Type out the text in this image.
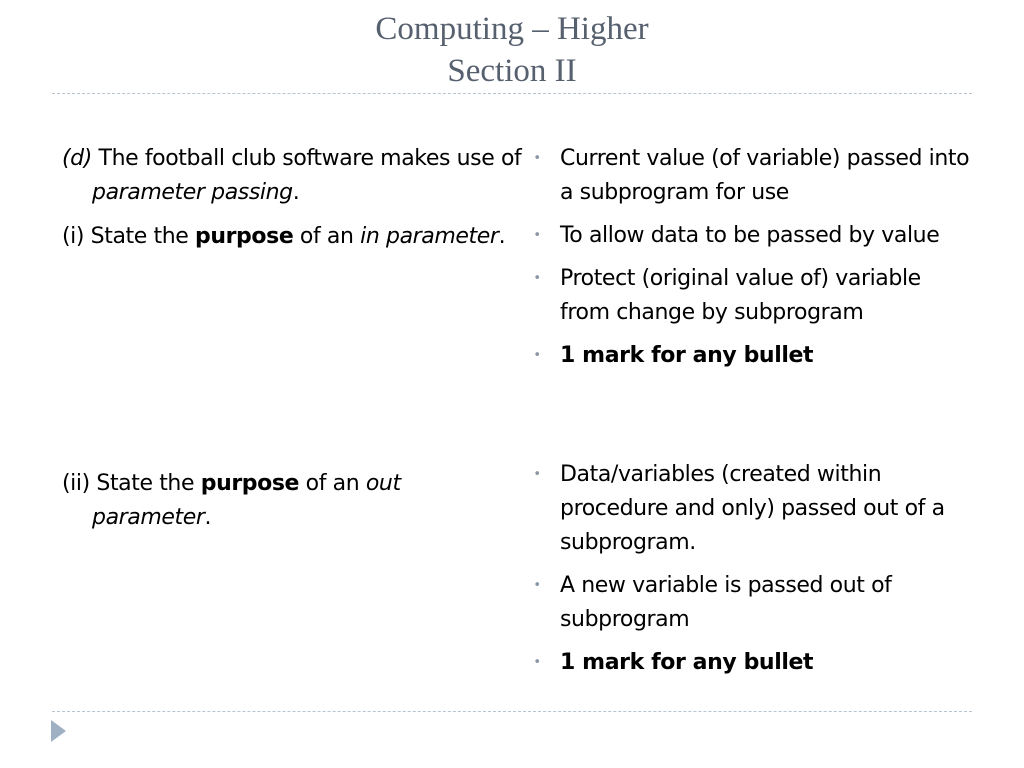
Computing – Higher
Section II
(d) The football club software makes use of parameter passing.
(i) State the purpose of an in parameter.
(ii) State the purpose of an out parameter.
• Current value (of variable) passed into a subprogram for use
• To allow data to be passed by value
• Protect (original value of) variable from change by subprogram
• 1 mark for any bullet
• Data/variables (created within procedure and only) passed out of a subprogram.
• A new variable is passed out of subprogram
• 1 mark for any bullet
